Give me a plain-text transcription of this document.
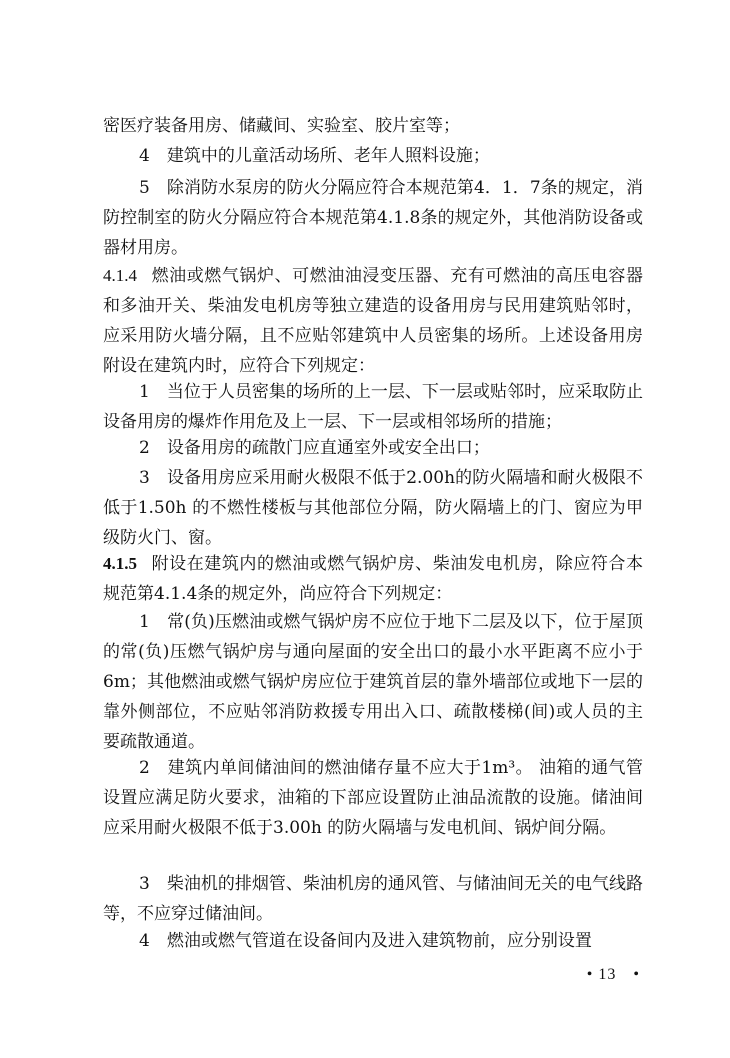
密医疗装备用房、储藏间、实验室、胶片室等；

4　建筑中的儿童活动场所、老年人照料设施；

5　除消防水泵房的防火分隔应符合本规范第4．1．7条的规定，消防控制室的防火分隔应符合本规范第4.1.8条的规定外，其他消防设备或器材用房。

4.1.4 燃油或燃气锅炉、可燃油油浸变压器、充有可燃油的高压电容器和多油开关、柴油发电机房等独立建造的设备用房与民用建筑贴邻时，应采用防火墙分隔，且不应贴邻建筑中人员密集的场所。上述设备用房附设在建筑内时，应符合下列规定：

1　当位于人员密集的场所的上一层、下一层或贴邻时，应采取防止设备用房的爆炸作用危及上一层、下一层或相邻场所的措施；

2　设备用房的疏散门应直通室外或安全出口；

3　设备用房应采用耐火极限不低于2.00h的防火隔墙和耐火极限不低于1.50h 的不燃性楼板与其他部位分隔，防火隔墙上的门、窗应为甲级防火门、窗。

4.1.5 附设在建筑内的燃油或燃气锅炉房、柴油发电机房，除应符合本规范第4.1.4条的规定外，尚应符合下列规定：

1　常(负)压燃油或燃气锅炉房不应位于地下二层及以下，位于屋顶的常(负)压燃气锅炉房与通向屋面的安全出口的最小水平距离不应小于6m；其他燃油或燃气锅炉房应位于建筑首层的靠外墙部位或地下一层的靠外侧部位，不应贴邻消防救援专用出入口、疏散楼梯(间)或人员的主要疏散通道。

2　建筑内单间储油间的燃油储存量不应大于1m³。 油箱的通气管设置应满足防火要求，油箱的下部应设置防止油品流散的设施。储油间应采用耐火极限不低于3.00h 的防火隔墙与发电机间、锅炉间分隔。

3　柴油机的排烟管、柴油机房的通风管、与储油间无关的电气线路等，不应穿过储油间。

4　燃油或燃气管道在设备间内及进入建筑物前，应分别设置

• 13　•
